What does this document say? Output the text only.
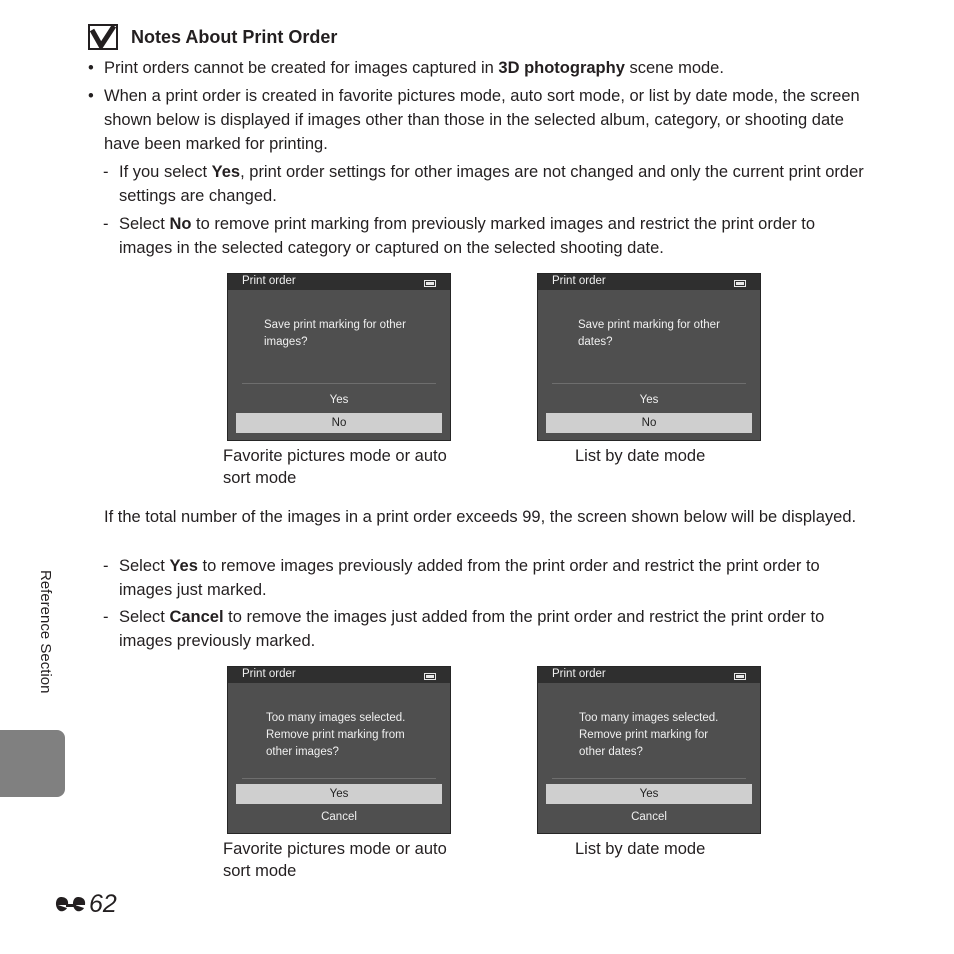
Notes About Print Order
• Print orders cannot be created for images captured in 3D photography scene mode.
• When a print order is created in favorite pictures mode, auto sort mode, or list by date mode, the screen shown below is displayed if images other than those in the selected album, category, or shooting date have been marked for printing.
- If you select Yes, print order settings for other images are not changed and only the current print order settings are changed.
- Select No to remove print marking from previously marked images and restrict the print order to images in the selected category or captured on the selected shooting date.
Print order
Save print marking for other images?
Yes
No
Favorite pictures mode or auto sort mode
Print order
Save print marking for other dates?
Yes
No
List by date mode
If the total number of the images in a print order exceeds 99, the screen shown below will be displayed.
- Select Yes to remove images previously added from the print order and restrict the print order to images just marked.
- Select Cancel to remove the images just added from the print order and restrict the print order to images previously marked.
Print order
Too many images selected. Remove print marking from other images?
Yes
Cancel
Favorite pictures mode or auto sort mode
Print order
Too many images selected. Remove print marking for other dates?
Yes
Cancel
List by date mode
Reference Section
62
